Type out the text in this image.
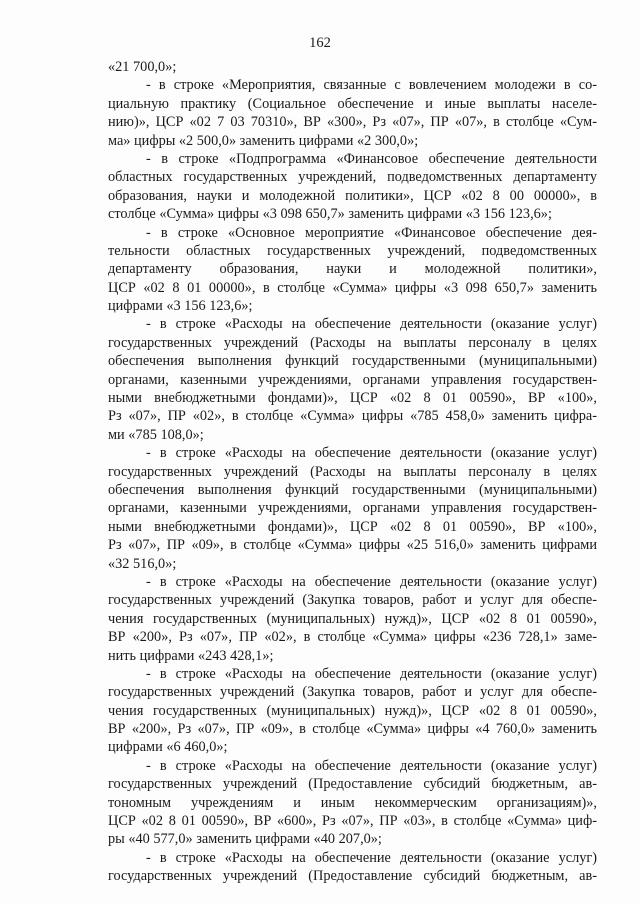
162
«21 700,0»;
- в строке «Мероприятия, связанные с вовлечением молодежи в со-
циальную практику (Социальное обеспечение и иные выплаты населе-
нию)», ЦСР «02 7 03 70310», ВР «300», Рз «07», ПР «07», в столбце «Сум-
ма» цифры «2 500,0» заменить цифрами «2 300,0»;
- в строке «Подпрограмма «Финансовое обеспечение деятельности
областных государственных учреждений, подведомственных департаменту
образования, науки и молодежной политики», ЦСР «02 8 00 00000», в
столбце «Сумма» цифры «3 098 650,7» заменить цифрами «3 156 123,6»;
- в строке «Основное мероприятие «Финансовое обеспечение дея-
тельности областных государственных учреждений, подведомственных
департаменту образования, науки и молодежной политики»,
ЦСР «02 8 01 00000», в столбце «Сумма» цифры «3 098 650,7» заменить
цифрами «3 156 123,6»;
- в строке «Расходы на обеспечение деятельности (оказание услуг)
государственных учреждений (Расходы на выплаты персоналу в целях
обеспечения выполнения функций государственными (муниципальными)
органами, казенными учреждениями, органами управления государствен-
ными внебюджетными фондами)», ЦСР «02 8 01 00590», ВР «100»,
Рз «07», ПР «02», в столбце «Сумма» цифры «785 458,0» заменить цифра-
ми «785 108,0»;
- в строке «Расходы на обеспечение деятельности (оказание услуг)
государственных учреждений (Расходы на выплаты персоналу в целях
обеспечения выполнения функций государственными (муниципальными)
органами, казенными учреждениями, органами управления государствен-
ными внебюджетными фондами)», ЦСР «02 8 01 00590», ВР «100»,
Рз «07», ПР «09», в столбце «Сумма» цифры «25 516,0» заменить цифрами
«32 516,0»;
- в строке «Расходы на обеспечение деятельности (оказание услуг)
государственных учреждений (Закупка товаров, работ и услуг для обеспе-
чения государственных (муниципальных) нужд)», ЦСР «02 8 01 00590»,
ВР «200», Рз «07», ПР «02», в столбце «Сумма» цифры «236 728,1» заме-
нить цифрами «243 428,1»;
- в строке «Расходы на обеспечение деятельности (оказание услуг)
государственных учреждений (Закупка товаров, работ и услуг для обеспе-
чения государственных (муниципальных) нужд)», ЦСР «02 8 01 00590»,
ВР «200», Рз «07», ПР «09», в столбце «Сумма» цифры «4 760,0» заменить
цифрами «6 460,0»;
- в строке «Расходы на обеспечение деятельности (оказание услуг)
государственных учреждений (Предоставление субсидий бюджетным, ав-
тономным учреждениям и иным некоммерческим организациям)»,
ЦСР «02 8 01 00590», ВР «600», Рз «07», ПР «03», в столбце «Сумма» циф-
ры «40 577,0» заменить цифрами «40 207,0»;
- в строке «Расходы на обеспечение деятельности (оказание услуг)
государственных учреждений (Предоставление субсидий бюджетным, ав-
